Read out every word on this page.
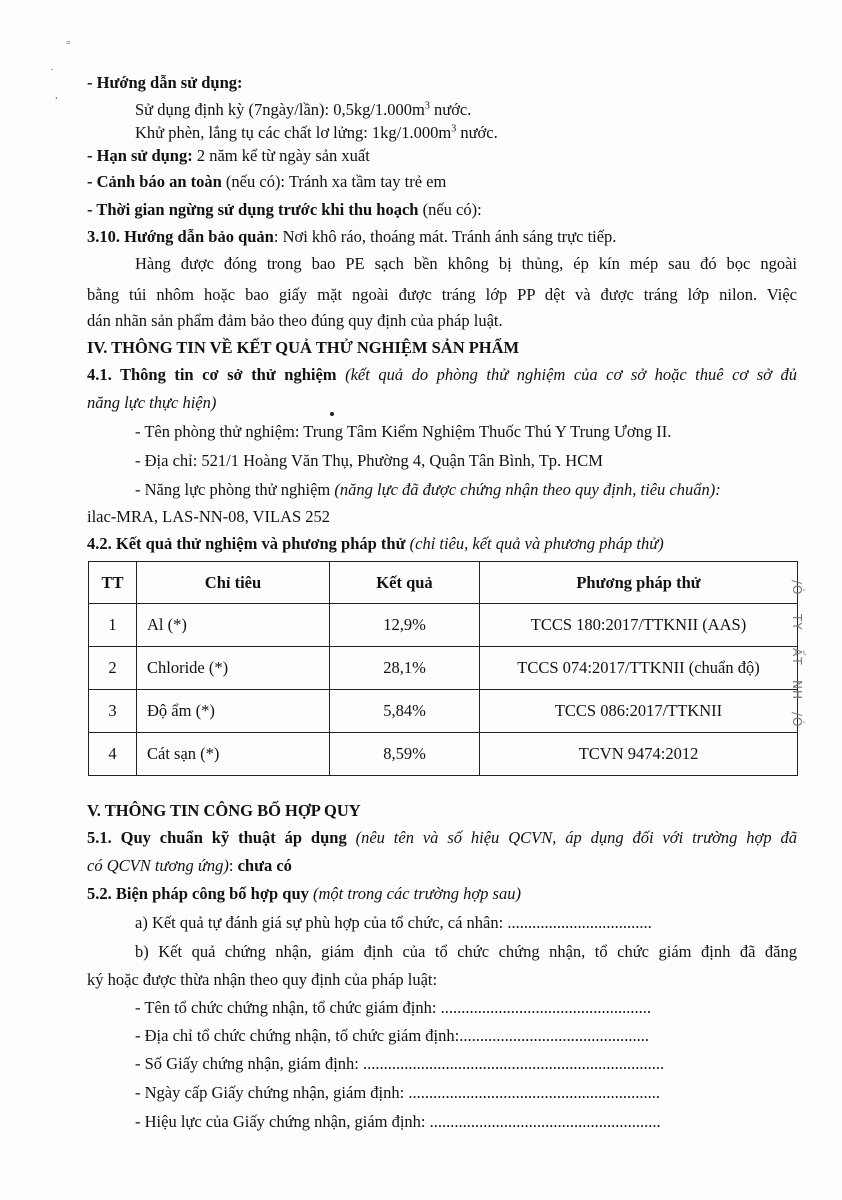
°
·
,
- Hướng dẫn sử dụng:
Sử dụng định kỳ (7ngày/lần): $0,5kg/1.000m^3$ nước.
Khử phèn, lắng tụ các chất lơ lửng: $1kg/1.000m^3$ nước.
- Hạn sử dụng: 2 năm kể từ ngày sản xuất
- Cảnh báo an toàn (nếu có): Tránh xa tầm tay trẻ em
- Thời gian ngừng sử dụng trước khi thu hoạch (nếu có):
3.10. Hướng dẫn bảo quản: Nơi khô ráo, thoáng mát. Tránh ánh sáng trực tiếp.
Hàng được đóng trong bao PE sạch bền không bị thủng, ép kín mép sau đó bọc ngoài
bằng túi nhôm hoặc bao giấy mặt ngoài được tráng lớp PP dệt và được tráng lớp nilon. Việc
dán nhãn sản phẩm đảm bảo theo đúng quy định của pháp luật.
IV. THÔNG TIN VỀ KẾT QUẢ THỬ NGHIỆM SẢN PHẨM
4.1. Thông tin cơ sở thử nghiệm (kết quả do phòng thử nghiệm của cơ sở hoặc thuê cơ sở đủ
năng lực thực hiện)
- Tên phòng thử nghiệm: Trung Tâm Kiểm Nghiệm Thuốc Thú Y Trung Ương II.
- Địa chỉ: 521/1 Hoàng Văn Thụ, Phường 4, Quận Tân Bình, Tp. HCM
- Năng lực phòng thử nghiệm (năng lực đã được chứng nhận theo quy định, tiêu chuẩn):
ilac-MRA, LAS-NN-08, VILAS 252
4.2. Kết quả thử nghiệm và phương pháp thử (chỉ tiêu, kết quả và phương pháp thử)
TT	Chỉ tiêu	Kết quả	Phương pháp thử
1	Al (*)	12,9%	TCCS 180:2017/TTKNII (AAS)
2	Chloride (*)	28,1%	TCCS 074:2017/TTKNII (chuẩn độ)
3	Độ ẩm (*)	5,84%	TCCS 086:2017/TTKNII
4	Cát sạn (*)	8,59%	TCVN 9474:2012
/Ó
TY
ẤT
NH
/Ó
V. THÔNG TIN CÔNG BỐ HỢP QUY
5.1. Quy chuẩn kỹ thuật áp dụng (nêu tên và số hiệu QCVN, áp dụng đối với trường hợp đã
có QCVN tương ứng): chưa có
5.2. Biện pháp công bố hợp quy (một trong các trường hợp sau)
a) Kết quả tự đánh giá sự phù hợp của tổ chức, cá nhân: ...................................
b) Kết quả chứng nhận, giám định của tổ chức chứng nhận, tổ chức giám định đã đăng
ký hoặc được thừa nhận theo quy định của pháp luật:
- Tên tổ chức chứng nhận, tổ chức giám định: ...................................................
- Địa chỉ tổ chức chứng nhận, tổ chức giám định:..............................................
- Số Giấy chứng nhận, giám định: .........................................................................
- Ngày cấp Giấy chứng nhận, giám định: .............................................................
- Hiệu lực của Giấy chứng nhận, giám định: ........................................................
